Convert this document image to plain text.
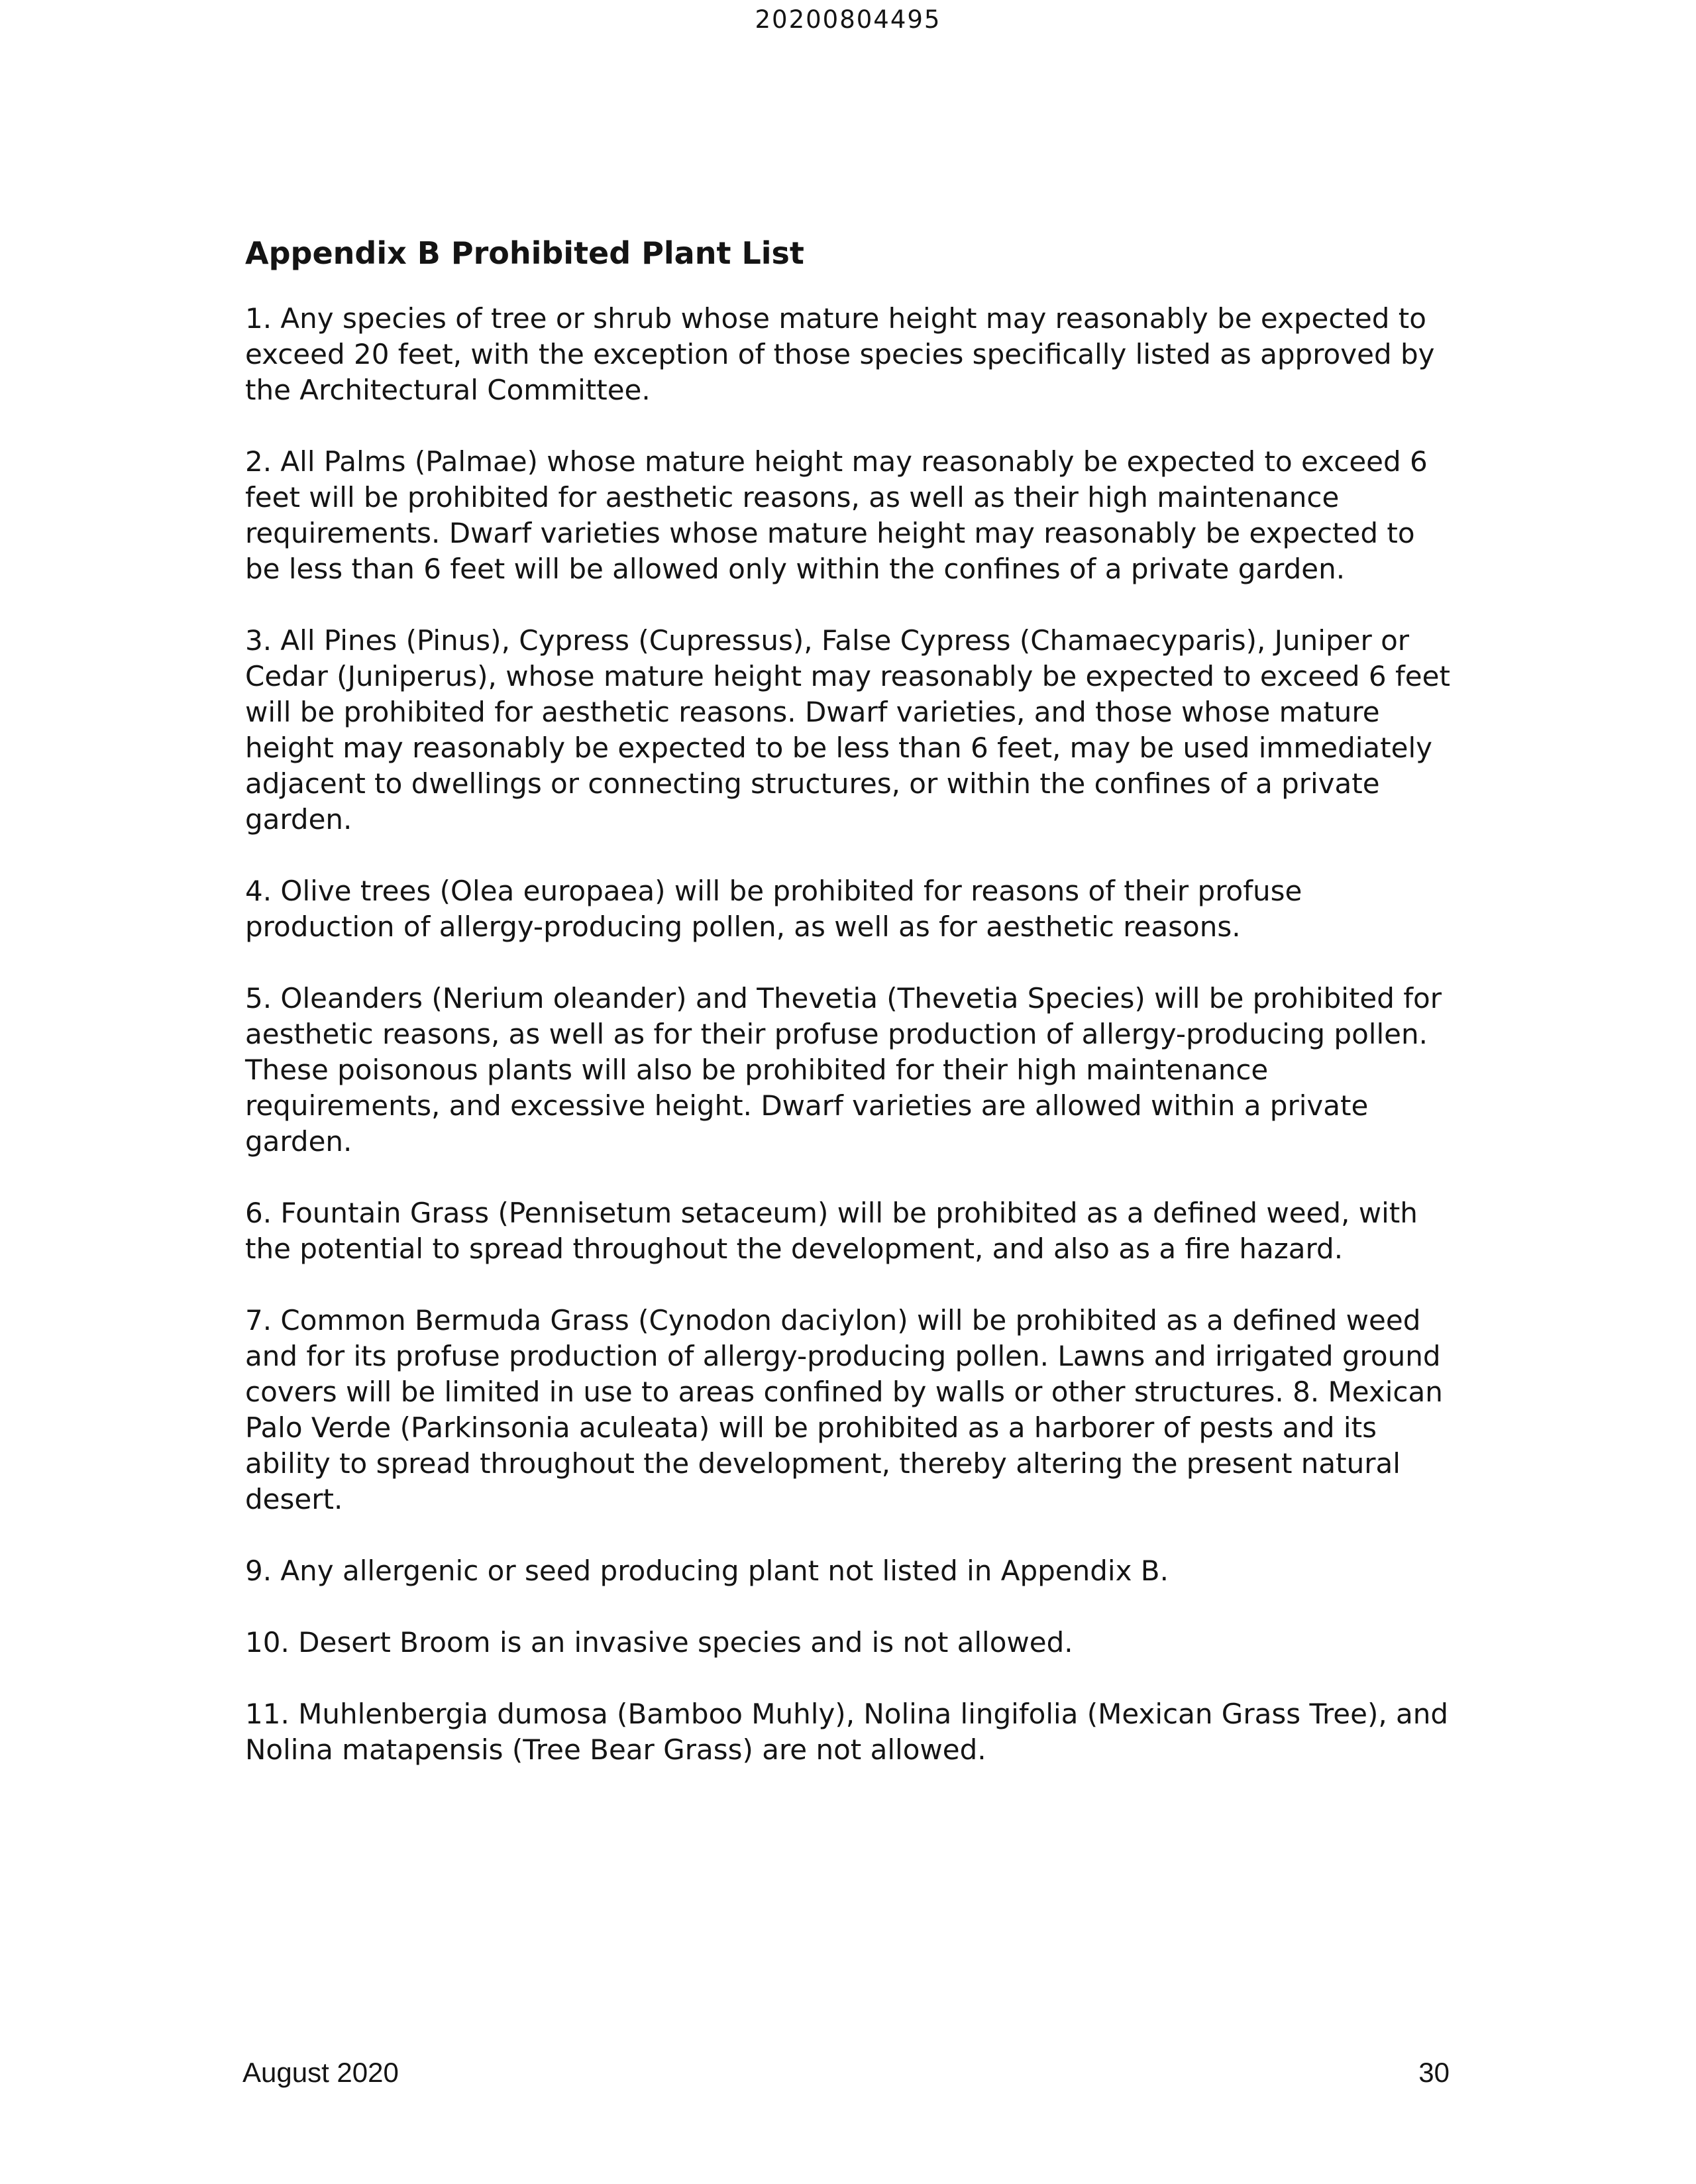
20200804495
Appendix B Prohibited Plant List

1. Any species of tree or shrub whose mature height may reasonably be expected to exceed 20 feet, with the exception of those species specifically listed as approved by the Architectural Committee.

2. All Palms (Palmae) whose mature height may reasonably be expected to exceed 6 feet will be prohibited for aesthetic reasons, as well as their high maintenance requirements. Dwarf varieties whose mature height may reasonably be expected to be less than 6 feet will be allowed only within the confines of a private garden.

3. All Pines (Pinus), Cypress (Cupressus), False Cypress (Chamaecyparis), Juniper or Cedar (Juniperus), whose mature height may reasonably be expected to exceed 6 feet will be prohibited for aesthetic reasons. Dwarf varieties, and those whose mature height may reasonably be expected to be less than 6 feet, may be used immediately adjacent to dwellings or connecting structures, or within the confines of a private garden.

4. Olive trees (Olea europaea) will be prohibited for reasons of their profuse production of allergy-producing pollen, as well as for aesthetic reasons.

5. Oleanders (Nerium oleander) and Thevetia (Thevetia Species) will be prohibited for aesthetic reasons, as well as for their profuse production of allergy-producing pollen. These poisonous plants will also be prohibited for their high maintenance requirements, and excessive height. Dwarf varieties are allowed within a private garden.

6. Fountain Grass (Pennisetum setaceum) will be prohibited as a defined weed, with the potential to spread throughout the development, and also as a fire hazard.

7. Common Bermuda Grass (Cynodon daciylon) will be prohibited as a defined weed and for its profuse production of allergy-producing pollen. Lawns and irrigated ground covers will be limited in use to areas confined by walls or other structures. 8. Mexican Palo Verde (Parkinsonia aculeata) will be prohibited as a harborer of pests and its ability to spread throughout the development, thereby altering the present natural desert.

9. Any allergenic or seed producing plant not listed in Appendix B.

10. Desert Broom is an invasive species and is not allowed.

11. Muhlenbergia dumosa (Bamboo Muhly), Nolina lingifolia (Mexican Grass Tree), and Nolina matapensis (Tree Bear Grass) are not allowed.

August 2020	30
